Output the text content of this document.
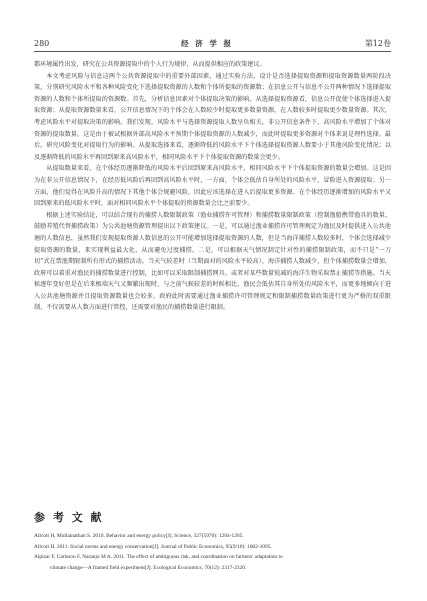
280	经 济 学 报	第12卷

都环境属性出发，研究在公共资源提取中的个人行为规律，从而提供相应的政策建议。

本文考虑风险与信息这两个公共资源提取中的重要外部因素，通过实验方法，设计是否选择提取资源和提取资源数量两阶段决策，分别研究风险水平和各种风险变化下选择提取资源的人数和个体所提取的资源数；在信息公开与信息不公开两种情况下选择提取资源的人数和个体所提取的资源数。首先，分析信息因素对个体提取决策的影响。从选择提取资源看，信息公开促使个体选择进入提取资源；从提取资源数量来看，公开信息情况下的个体会在人数较少时提取更多数量资源，在人数较多时提取更少数量资源。其次，考虑风险水平对提取决策的影响。我们发现，风险水平与选择资源提取人数呈负相关。非公开信息条件下，高风险水平增加了个体对资源的提取数量。这是由于被试根据外部高风险水平预期个体提取资源的人数减少，而此时提取更多资源对个体来说是理性选择。最后，研究风险变化对提取行为的影响。从提取选择来看，逐渐降低的风险水平下个体选择提取资源人数要小于其他风险变化情况；以及逐渐降低的风险水平再回到原来高风险水平，相同风险水平下个体提取资源的数量会更少。

从提取数量来看，在个体经历逐渐降低的风险水平后回到原来高风险水平，相同风险水平下个体提取资源的数量会增加。这是因为在非公开信息情况下，在经历低风险后再回到高风险水平时，一方面，个体会低估自身所处的风险水平，冒险进入资源提取；另一方面，他们觉得在风险升高的情况下其他个体会规避风险，因此应该选择在进入后提取更多资源。在个体经历逐渐增加的风险水平又回到原来的低风险水平时，面对相同风险水平个体提取的资源数量会比之前要少。

根据上述实验结论，可以结合现有的捕捞人数限制政策（渔业捕捞许可管理）和捕捞数量限制政策（控制渔船携带渔具的数量、鼓励养殖代替捕捞政策）为公共池塘资源管理提出以下政策建议。一是，可以通过渔业捕捞许可管理规定为渔民及时提供进入公共池塘的人数信息，虽然我们发现提取资源人数信息的公开可能增加选择提取资源的人数，但是当海洋捕捞人数较多时，个体会选择减少提取资源的数量，来实现利益最大化，从而避免过度捕捞。二是，可以根据天气情况制定针对性的捕捞限制政策，而不只是“一刀切”式在禁渔期限制所有形式的捕捞活动。当天气较差时（当期面对的风险水平较高），海洋捕捞人数减少，但个体捕捞数量会增加，政府可以着重对渔民的捕捞数量进行控制，比如可以采取限制捕捞网具、或者对某些数量锐减的海洋生物采取禁止捕捞等措施。当天候逐年变好但是在后来极端天气又频繁出现时，与之前气候较差的时候相比，渔民会低估其自身所处的风险水平，而更多地倾向于进入公共池塘资源并且提取资源数量也会较多，政府此时需要通过渔业捕捞许可管理规定和限制捕捞数量政策进行更为严格的双重限制，不仅需要从人数方面进行管控，还需要对渔民的捕捞数量进行限制。

参 考 文 献

Allcott H, Mullainathan S. 2010. Behavior and energy policy[J]. Science, 327(5970): 1204-1205.

Allcott H. 2011. Social norms and energy conservation[J]. Journal of Public Economics, 95(9/10): 1082-1095.

Alpizar F, Carlsson F, Naranjo M A. 2011. The effect of ambiguous risk, and coordination on farmers' adaptation to
climate change—A framed field experiment[J]. Ecological Economics, 70(12): 2317-2326.
